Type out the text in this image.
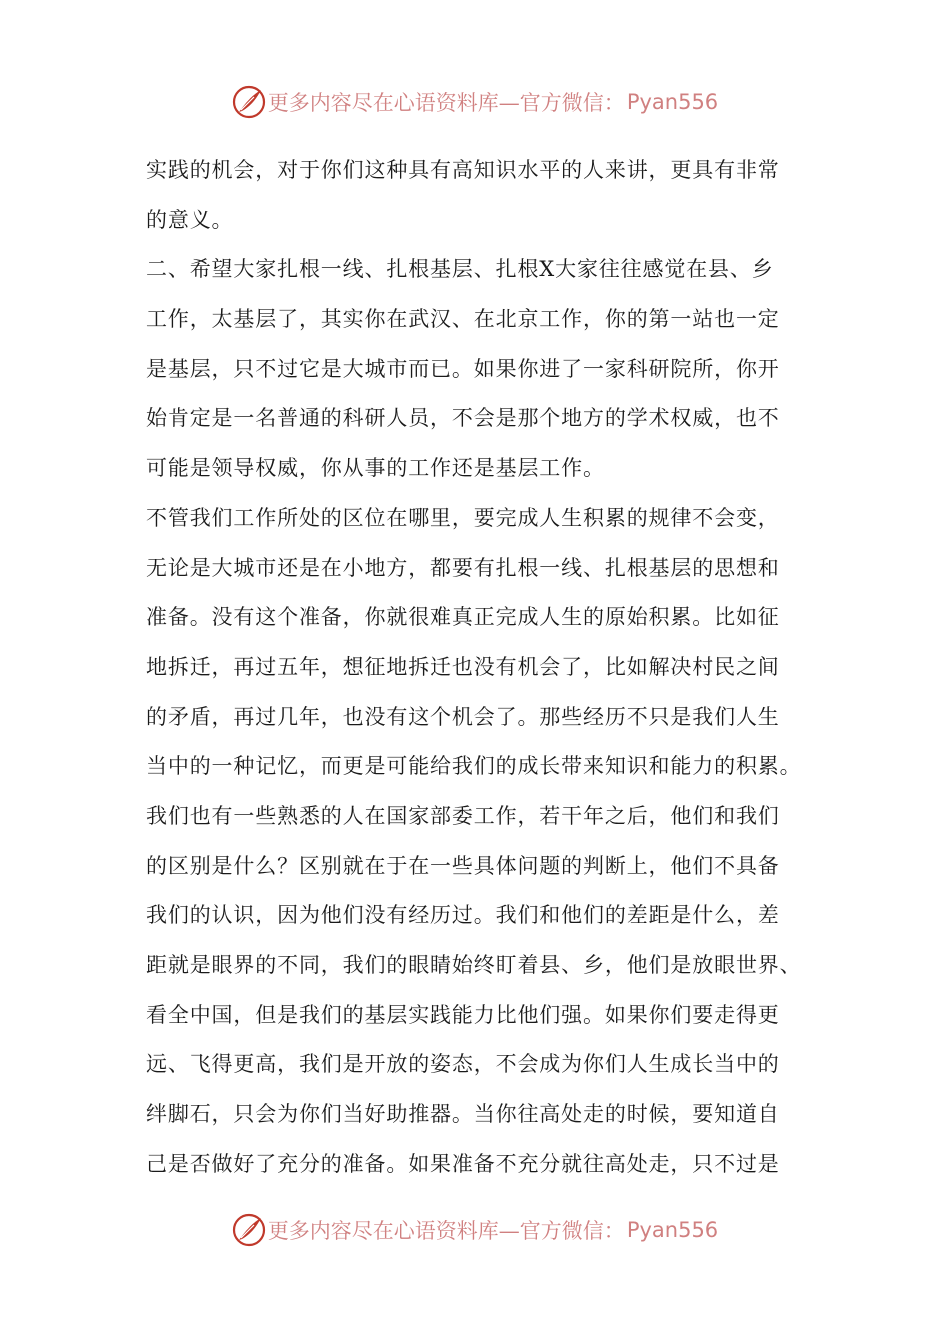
更多内容尽在心语资料库—官方微信： Pyan556
实践的机会，对于你们这种具有高知识水平的人来讲，更具有非常
的意义。
二、希望大家扎根一线、扎根基层、扎根X大家往往感觉在县、乡
工作，太基层了，其实你在武汉、在北京工作，你的第一站也一定
是基层，只不过它是大城市而已。如果你进了一家科研院所，你开
始肯定是一名普通的科研人员，不会是那个地方的学术权威，也不
可能是领导权威，你从事的工作还是基层工作。
不管我们工作所处的区位在哪里，要完成人生积累的规律不会变，
无论是大城市还是在小地方，都要有扎根一线、扎根基层的思想和
准备。没有这个准备，你就很难真正完成人生的原始积累。比如征
地拆迁，再过五年，想征地拆迁也没有机会了，比如解决村民之间
的矛盾，再过几年，也没有这个机会了。那些经历不只是我们人生
当中的一种记忆，而更是可能给我们的成长带来知识和能力的积累。
我们也有一些熟悉的人在国家部委工作，若干年之后，他们和我们
的区别是什么？区别就在于在一些具体问题的判断上，他们不具备
我们的认识，因为他们没有经历过。我们和他们的差距是什么，差
距就是眼界的不同，我们的眼睛始终盯着县、乡，他们是放眼世界、
看全中国，但是我们的基层实践能力比他们强。如果你们要走得更
远、飞得更高，我们是开放的姿态，不会成为你们人生成长当中的
绊脚石，只会为你们当好助推器。当你往高处走的时候，要知道自
己是否做好了充分的准备。如果准备不充分就往高处走，只不过是
更多内容尽在心语资料库—官方微信： Pyan556
